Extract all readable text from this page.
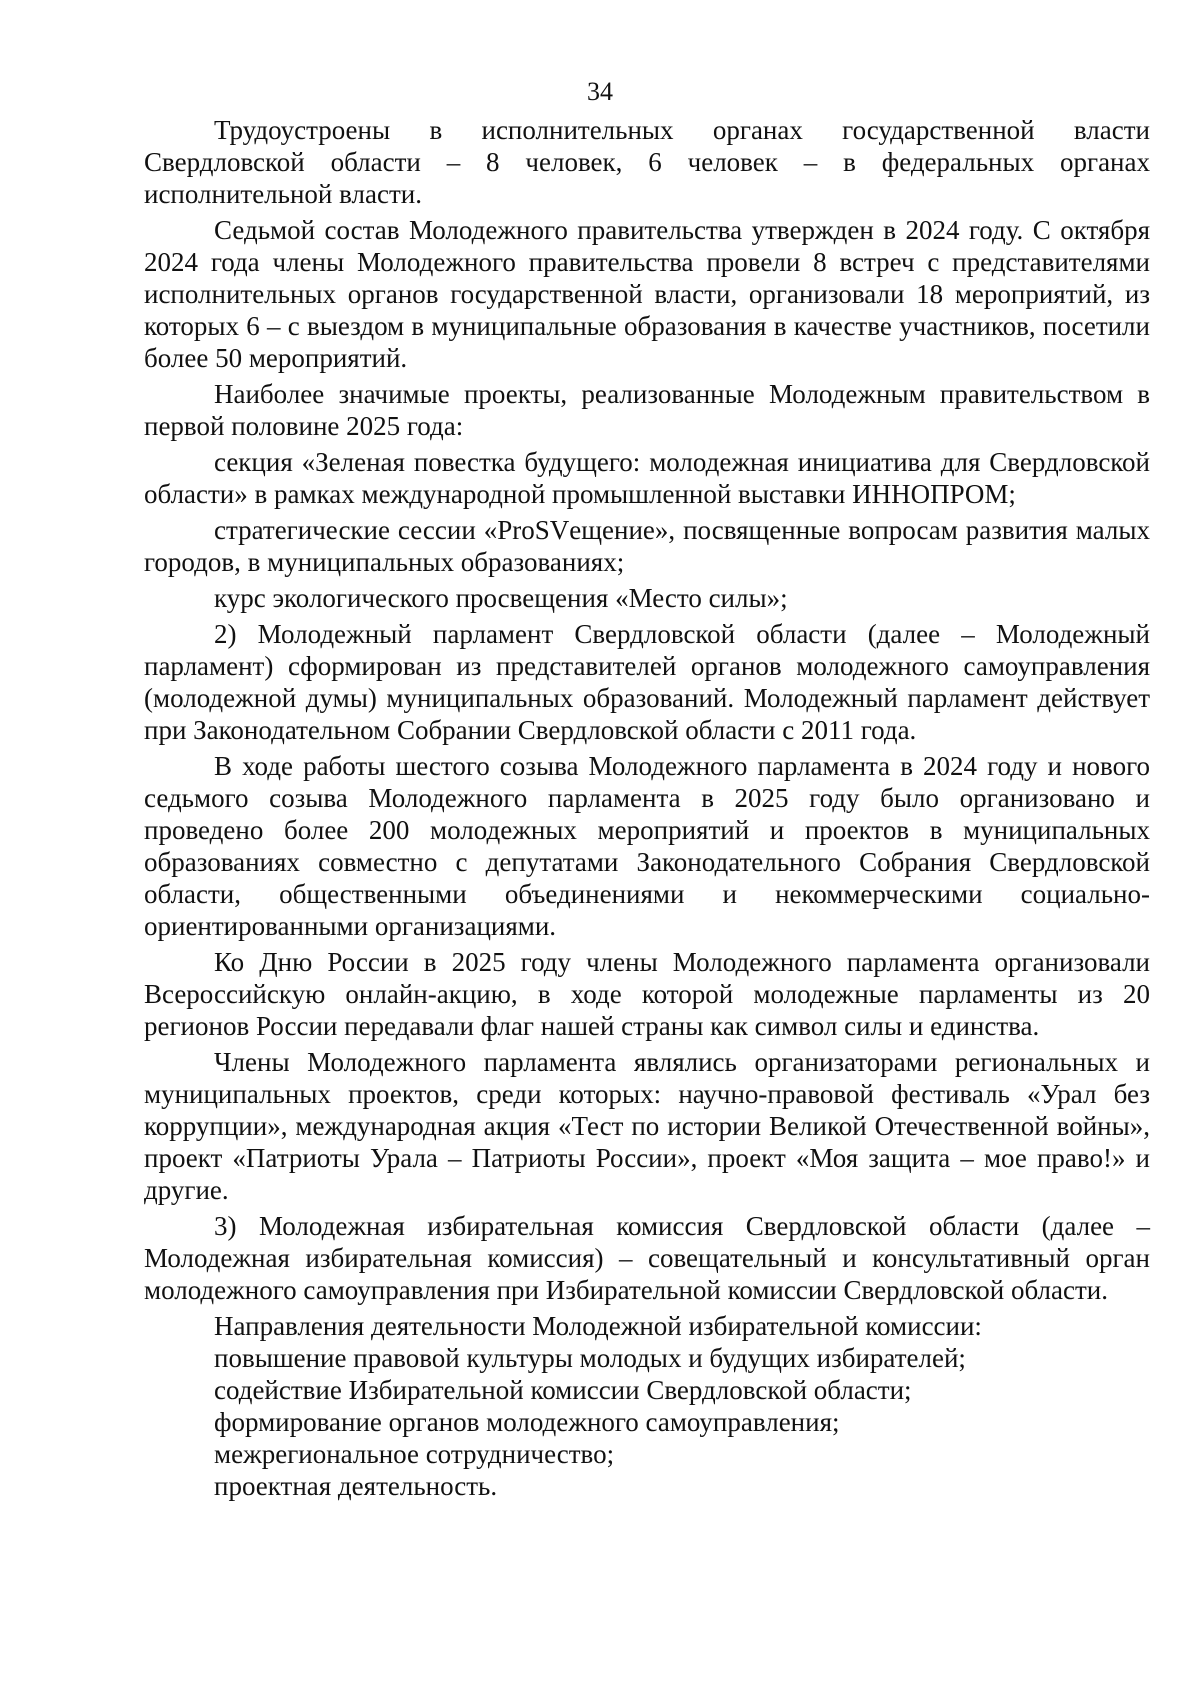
34

Трудоустроены в исполнительных органах государственной власти Свердловской области – 8 человек, 6 человек – в федеральных органах исполнительной власти.

Седьмой состав Молодежного правительства утвержден в 2024 году. С октября 2024 года члены Молодежного правительства провели 8 встреч с представителями исполнительных органов государственной власти, организовали 18 мероприятий, из которых 6 – с выездом в муниципальные образования в качестве участников, посетили более 50 мероприятий.

Наиболее значимые проекты, реализованные Молодежным правительством в первой половине 2025 года:

секция «Зеленая повестка будущего: молодежная инициатива для Свердловской области» в рамках международной промышленной выставки ИННОПРОМ;

стратегические сессии «ProSVещение», посвященные вопросам развития малых городов, в муниципальных образованиях;

курс экологического просвещения «Место силы»;

2) Молодежный парламент Свердловской области (далее – Молодежный парламент) сформирован из представителей органов молодежного самоуправления (молодежной думы) муниципальных образований. Молодежный парламент действует при Законодательном Собрании Свердловской области с 2011 года.

В ходе работы шестого созыва Молодежного парламента в 2024 году и нового седьмого созыва Молодежного парламента в 2025 году было организовано и проведено более 200 молодежных мероприятий и проектов в муниципальных образованиях совместно с депутатами Законодательного Собрания Свердловской области, общественными объединениями и некоммерческими социально-ориентированными организациями.

Ко Дню России в 2025 году члены Молодежного парламента организовали Всероссийскую онлайн-акцию, в ходе которой молодежные парламенты из 20 регионов России передавали флаг нашей страны как символ силы и единства.

Члены Молодежного парламента являлись организаторами региональных и муниципальных проектов, среди которых: научно-правовой фестиваль «Урал без коррупции», международная акция «Тест по истории Великой Отечественной войны», проект «Патриоты Урала – Патриоты России», проект «Моя защита – мое право!» и другие.

3) Молодежная избирательная комиссия Свердловской области (далее – Молодежная избирательная комиссия) – совещательный и консультативный орган молодежного самоуправления при Избирательной комиссии Свердловской области.

Направления деятельности Молодежной избирательной комиссии:

повышение правовой культуры молодых и будущих избирателей;

содействие Избирательной комиссии Свердловской области;

формирование органов молодежного самоуправления;

межрегиональное сотрудничество;

проектная деятельность.
